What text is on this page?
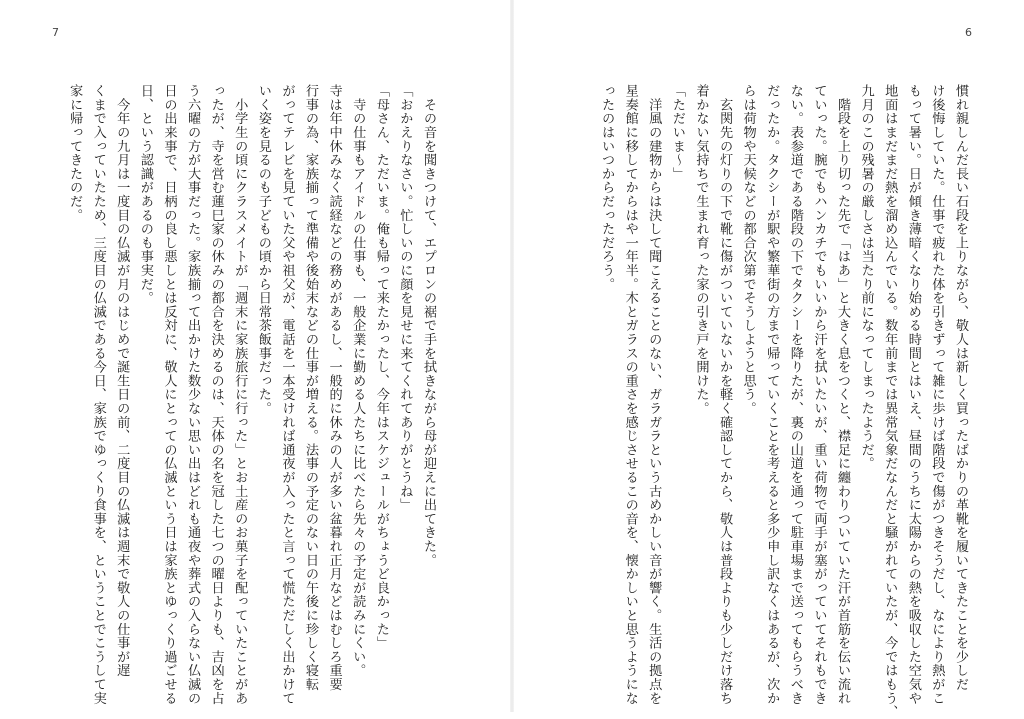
7
　その音を聞きつけて、エプロンの裾で手を拭きながら母が迎えに出てきた。
「おかえりなさい。忙しいのに顔を見せに来てくれてありがとうね」
「母さん、ただいま。俺も帰って来たかったし、今年はスケジュールがちょうど良かった」
　寺の仕事もアイドルの仕事も、一般企業に勤める人たちに比べたら先々の予定が読みにくい。
寺は年中休みなく読経などの務めがあるし、一般的に休みの人が多い盆暮れ正月などはむしろ重要
行事の為、家族揃って準備や後始末などの仕事が増える。法事の予定のない日の午後に珍しく寝転
がってテレビを見ていた父や祖父が、電話を一本受ければ通夜が入ったと言って慌ただしく出かけて
いく姿を見るのも子どもの頃から日常茶飯事だった。
　小学生の頃にクラスメイトが「週末に家族旅行に行った」とお土産のお菓子を配っていたことがあ
ったが、寺を営む蓮巳家の休みの都合を決めるのは、天体の名を冠した七つの曜日よりも、吉凶を占
う六曜の方が大事だった。家族揃って出かけた数少ない思い出はどれも通夜や葬式の入らない仏滅の
日の出来事で、日柄の良し悪しとは反対に、敬人にとっての仏滅という日は家族とゆっくり過ごせる
日、という認識があるのも事実だ。
　今年の九月は一度目の仏滅が月のはじめで誕生日の前、二度目の仏滅は週末で敬人の仕事が遅
くまで入っていたため、三度目の仏滅である今日、家族でゆっくり食事を、ということでこうして実
家に帰ってきたのだ。
6
慣れ親しんだ長い石段を上りながら、敬人は新しく買ったばかりの革靴を履いてきたことを少しだ
け後悔していた。仕事で疲れた体を引きずって雑に歩けば階段で傷がつきそうだし、なにより熱がこ
もって暑い。日が傾き薄暗くなり始める時間とはいえ、昼間のうちに太陽からの熱を吸収した空気や
地面はまだまだ熱を溜め込んでいる。数年前までは異常気象だなんだと騒がれていたが、今ではもう、
九月のこの残暑の厳しさは当たり前になってしまったようだ。
　階段を上り切った先で「はあ」と大きく息をつくと、襟足に纏わりついていた汗が首筋を伝い流れ
ていった。腕でもハンカチでもいいから汗を拭いたいが、重い荷物で両手が塞がっていてそれもでき
ない。表参道である階段の下でタクシーを降りたが、裏の山道を通って駐車場まで送ってもらうべき
だったか。タクシーが駅や繁華街の方まで帰っていくことを考えると多少申し訳なくはあるが、次か
らは荷物や天候などの都合次第でそうしようと思う。
　玄関先の灯りの下で靴に傷がついていないかを軽く確認してから、敬人は普段よりも少しだけ落ち
着かない気持ちで生まれ育った家の引き戸を開けた。
「ただいま〜」
　洋風の建物からは決して聞こえることのない、ガラガラという古めかしい音が響く。生活の拠点を
星奏館に移してからはや一年半。木とガラスの重さを感じさせるこの音を、懐かしいと思うようにな
ったのはいつからだっただろう。
